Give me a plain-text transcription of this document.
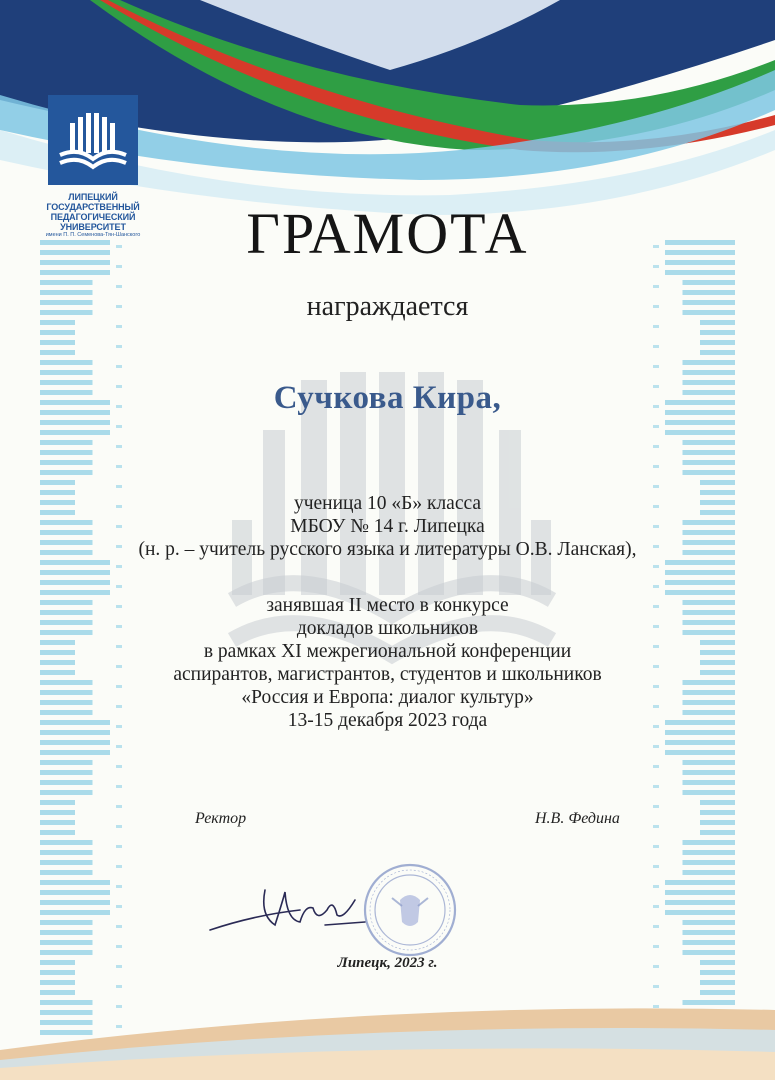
ЛИПЕЦКИЙ
ГОСУДАРСТВЕННЫЙ
ПЕДАГОГИЧЕСКИЙ
УНИВЕРСИТЕТ
имени П. П. Семенова-Тян-Шанского	ГРАМОТА
награждается
Сучкова Кира,
ученица 10 «Б» класса
МБОУ № 14 г. Липецка
(н. р. – учитель русского языка и литературы О.В. Ланская),
занявшая II место в конкурсе
докладов школьников
в рамках XI межрегиональной конференции
аспирантов, магистрантов, студентов и школьников
«Россия и Европа: диалог культур»
13-15 декабря 2023 года
Ректор	Н.В. Федина
Липецк, 2023 г.
